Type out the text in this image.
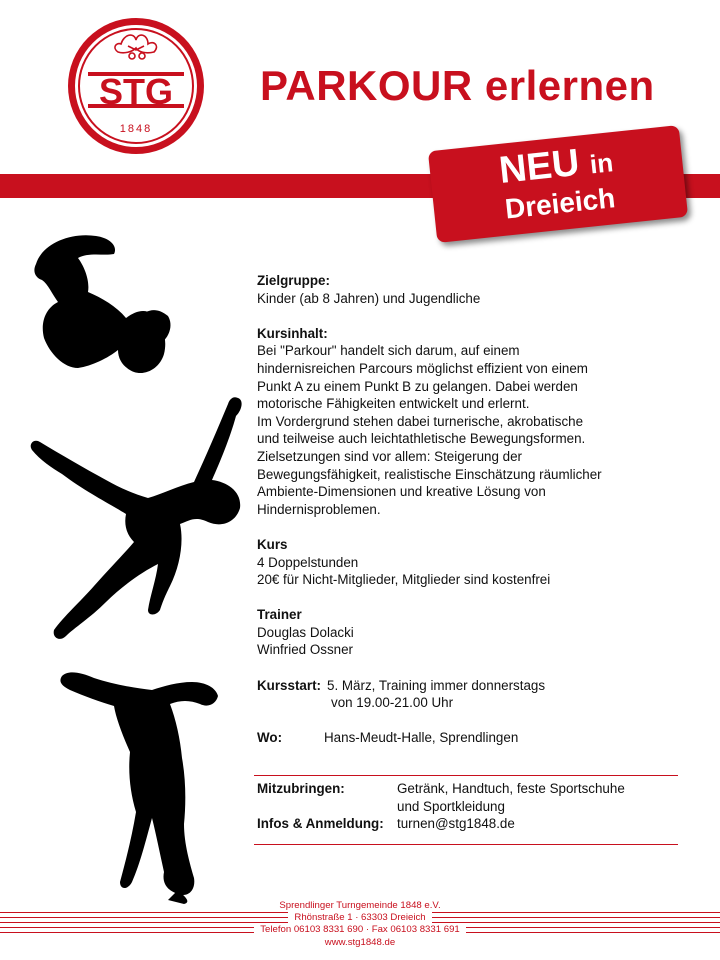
STG
1848
PARKOUR erlernen
NEU in
Dreieich

Zielgruppe:

Kinder (ab 8 Jahren) und Jugendliche

Kursinhalt:

Bei "Parkour" handelt sich darum, auf einem

hindernisreichen Parcours möglichst effizient von einem

Punkt A zu einem Punkt B zu gelangen. Dabei werden

motorische Fähigkeiten entwickelt und erlernt.

Im Vordergrund stehen dabei turnerische, akrobatische

und teilweise auch leichtathletische Bewegungsformen.

Zielsetzungen sind vor allem: Steigerung der

Bewegungsfähigkeit, realistische Einschätzung räumlicher

Ambiente-Dimensionen und kreative Lösung von

Hindernisproblemen.

Kurs

4 Doppelstunden

20€ für Nicht-Mitglieder, Mitglieder sind kostenfrei

Trainer

Douglas Dolacki

Winfried Ossner

Kursstart: 5. März, Training immer donnerstags
von 19.00-21.00 Uhr
Wo:	Hans-Meudt-Halle, Sprendlingen
Mitzubringen:	Getränk, Handtuch, feste Sportschuhe
und Sportkleidung
Infos & Anmeldung: turnen@stg1848.de
Sprendlinger Turngemeinde 1848 e.V.
Rhönstraße 1 · 63303 Dreieich
Telefon 06103 8331 690 · Fax 06103 8331 691
www.stg1848.de
